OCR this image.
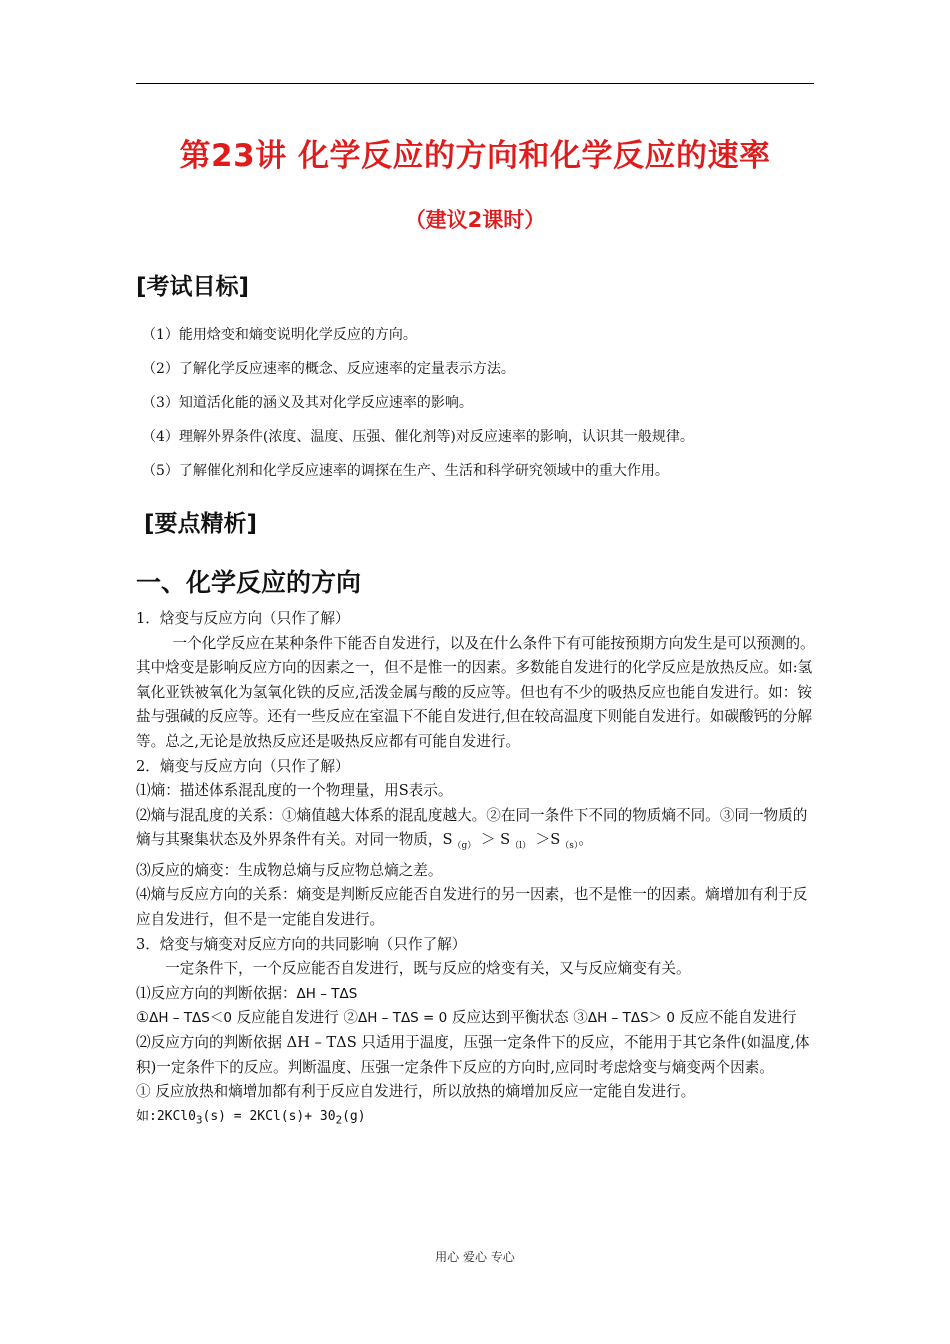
第23讲 化学反应的方向和化学反应的速率
（建议2课时）
[考试目标]
（1）能用焓变和熵变说明化学反应的方向。
（2）了解化学反应速率的概念、反应速率的定量表示方法。
（3）知道活化能的涵义及其对化学反应速率的影响。
（4）理解外界条件(浓度、温度、压强、催化剂等)对反应速率的影响，认识其一般规律。
（5）了解催化剂和化学反应速率的调探在生产、生活和科学研究领域中的重大作用。
[要点精析]
一、化学反应的方向

1．焓变与反应方向（只作了解）

一个化学反应在某种条件下能否自发进行，以及在什么条件下有可能按预期方向发生是可以预测的。其中焓变是影响反应方向的因素之一，但不是惟一的因素。多数能自发进行的化学反应是放热反应。如:氢氧化亚铁被氧化为氢氧化铁的反应,活泼金属与酸的反应等。但也有不少的吸热反应也能自发进行。如：铵盐与强碱的反应等。还有一些反应在室温下不能自发进行,但在较高温度下则能自发进行。如碳酸钙的分解等。总之,无论是放热反应还是吸热反应都有可能自发进行。

2．熵变与反应方向（只作了解）

⑴熵：描述体系混乱度的一个物理量，用S表示。

⑵熵与混乱度的关系：①熵值越大体系的混乱度越大。②在同一条件下不同的物质熵不同。③同一物质的熵与其聚集状态及外界条件有关。对同一物质，$S_{(g)} > S_{(l)} >S_{(s)}$。

⑶反应的熵变：生成物总熵与反应物总熵之差。

⑷熵与反应方向的关系：熵变是判断反应能否自发进行的另一因素，也不是惟一的因素。熵增加有利于反应自发进行，但不是一定能自发进行。

3．焓变与熵变对反应方向的共同影响（只作了解）

一定条件下，一个反应能否自发进行，既与反应的焓变有关，又与反应熵变有关。

⑴反应方向的判断依据：ΔH – TΔS

①ΔH – TΔS＜0 反应能自发进行 ②ΔH – TΔS = 0 反应达到平衡状态 ③ΔH – TΔS＞ 0 反应不能自发进行

⑵反应方向的判断依据 ΔH – TΔS 只适用于温度，压强一定条件下的反应，不能用于其它条件(如温度,体积)一定条件下的反应。判断温度、压强一定条件下反应的方向时,应同时考虑焓变与熵变两个因素。

① 反应放热和熵增加都有利于反应自发进行，所以放热的熵增加反应一定能自发进行。

如$:2KCl0_3(s) = 2KCl(s)+ 30_2(g)$

用心 爱心 专心
